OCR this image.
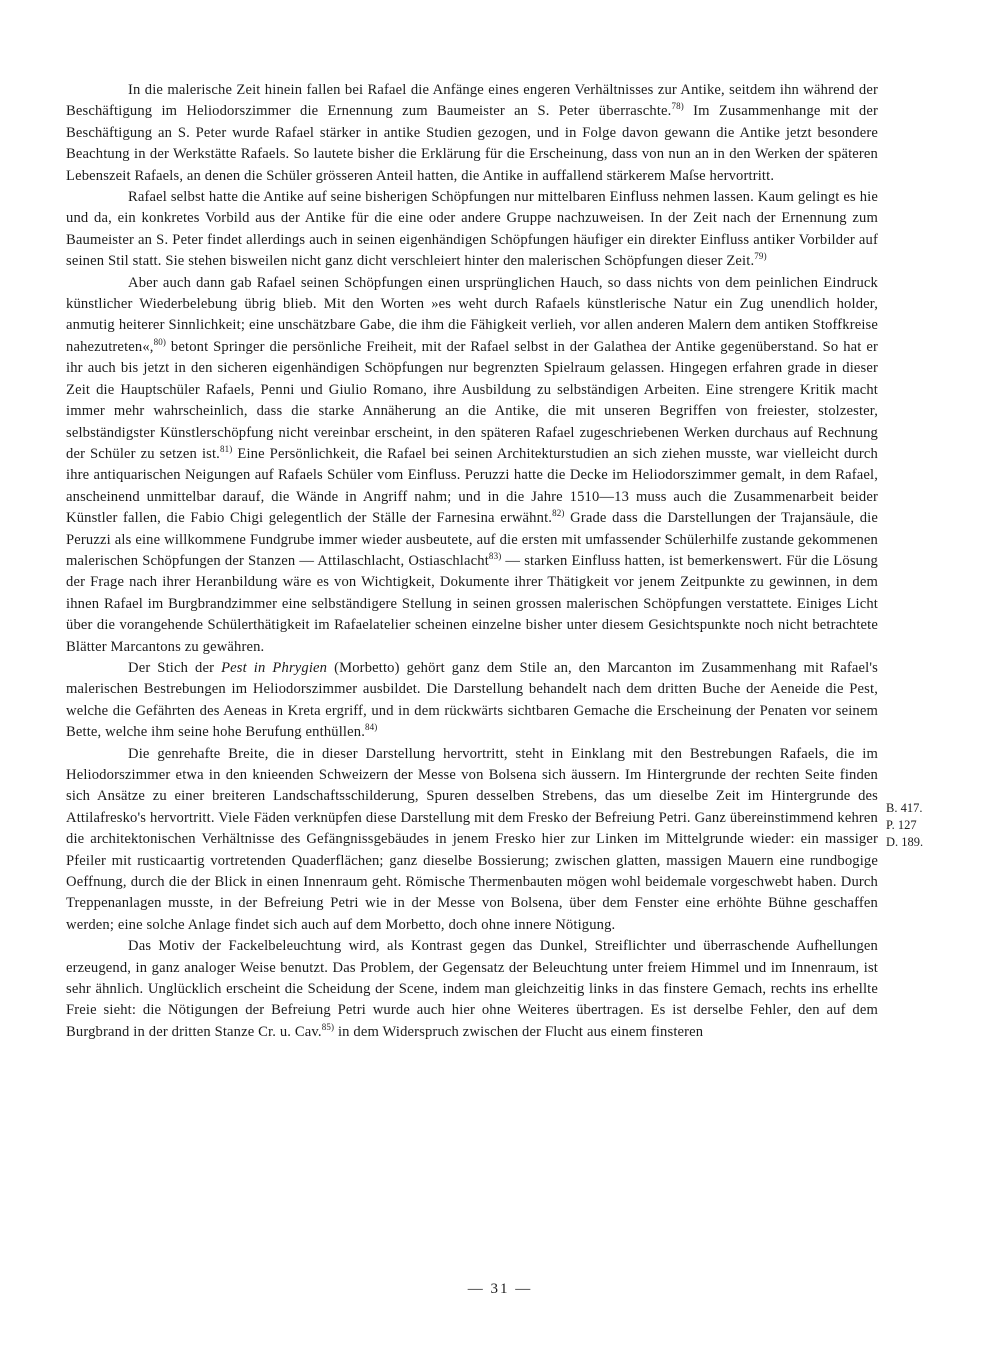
In die malerische Zeit hinein fallen bei Rafael die Anfänge eines engeren Verhältnisses zur Antike, seitdem ihn während der Beschäftigung im Heliodorszimmer die Ernennung zum Baumeister an S. Peter überraschte.$^{78)}$ Im Zusammenhange mit der Beschäftigung an S. Peter wurde Rafael stärker in antike Studien gezogen, und in Folge davon gewann die Antike jetzt besondere Beachtung in der Werkstätte Rafaels. So lautete bisher die Erklärung für die Erscheinung, dass von nun an in den Werken der späteren Lebenszeit Rafaels, an denen die Schüler grösseren Anteil hatten, die Antike in auffallend stärkerem Maſse hervortritt.

Rafael selbst hatte die Antike auf seine bisherigen Schöpfungen nur mittelbaren Einfluss nehmen lassen. Kaum gelingt es hie und da, ein konkretes Vorbild aus der Antike für die eine oder andere Gruppe nachzuweisen. In der Zeit nach der Ernennung zum Baumeister an S. Peter findet allerdings auch in seinen eigenhändigen Schöpfungen häufiger ein direkter Einfluss antiker Vorbilder auf seinen Stil statt. Sie stehen bisweilen nicht ganz dicht verschleiert hinter den malerischen Schöpfungen dieser Zeit.$^{79)}$

Aber auch dann gab Rafael seinen Schöpfungen einen ursprünglichen Hauch, so dass nichts von dem peinlichen Eindruck künstlicher Wiederbelebung übrig blieb. Mit den Worten »es weht durch Rafaels künstlerische Natur ein Zug unendlich holder, anmutig heiterer Sinnlichkeit; eine unschätzbare Gabe, die ihm die Fähigkeit verlieh, vor allen anderen Malern dem antiken Stoffkreise nahezutreten«,$^{80)}$ betont Springer die persönliche Freiheit, mit der Rafael selbst in der Galathea der Antike gegenüberstand. So hat er ihr auch bis jetzt in den sicheren eigenhändigen Schöpfungen nur begrenzten Spielraum gelassen. Hingegen erfahren grade in dieser Zeit die Hauptschüler Rafaels, Penni und Giulio Romano, ihre Ausbildung zu selbständigen Arbeiten. Eine strengere Kritik macht immer mehr wahrscheinlich, dass die starke Annäherung an die Antike, die mit unseren Begriffen von freiester, stolzester, selbständigster Künstlerschöpfung nicht vereinbar erscheint, in den späteren Rafael zugeschriebenen Werken durchaus auf Rechnung der Schüler zu setzen ist.$^{81)}$ Eine Persönlichkeit, die Rafael bei seinen Architekturstudien an sich ziehen musste, war vielleicht durch ihre antiquarischen Neigungen auf Rafaels Schüler vom Einfluss. Peruzzi hatte die Decke im Heliodorszimmer gemalt, in dem Rafael, anscheinend unmittelbar darauf, die Wände in Angriff nahm; und in die Jahre 1510—13 muss auch die Zusammenarbeit beider Künstler fallen, die Fabio Chigi gelegentlich der Ställe der Farnesina erwähnt.$^{82)}$ Grade dass die Darstellungen der Trajansäule, die Peruzzi als eine willkommene Fundgrube immer wieder ausbeutete, auf die ersten mit umfassender Schülerhilfe zustande gekommenen malerischen Schöpfungen der Stanzen — Attilaschlacht, Ostiaschlacht$^{83)}$ — starken Einfluss hatten, ist bemerkenswert. Für die Lösung der Frage nach ihrer Heranbildung wäre es von Wichtigkeit, Dokumente ihrer Thätigkeit vor jenem Zeitpunkte zu gewinnen, in dem ihnen Rafael im Burgbrandzimmer eine selbständigere Stellung in seinen grossen malerischen Schöpfungen verstattete. Einiges Licht über die vorangehende Schülerthätigkeit im Rafaelatelier scheinen einzelne bisher unter diesem Gesichtspunkte noch nicht betrachtete Blätter Marcantons zu gewähren.

Der Stich der Pest in Phrygien (Morbetto) gehört ganz dem Stile an, den Marcanton im Zusammenhang mit Rafael's malerischen Bestrebungen im Heliodorszimmer ausbildet. Die Darstellung behandelt nach dem dritten Buche der Aeneide die Pest, welche die Gefährten des Aeneas in Kreta ergriff, und in dem rückwärts sichtbaren Gemache die Erscheinung der Penaten vor seinem Bette, welche ihm seine hohe Berufung enthüllen.$^{84)}$

Die genrehafte Breite, die in dieser Darstellung hervortritt, steht in Einklang mit den Bestrebungen Rafaels, die im Heliodorszimmer etwa in den knieenden Schweizern der Messe von Bolsena sich äussern. Im Hintergrunde der rechten Seite finden sich Ansätze zu einer breiteren Landschaftsschilderung, Spuren desselben Strebens, das um dieselbe Zeit im Hintergrunde des Attilafresko's hervortritt. Viele Fäden verknüpfen diese Darstellung mit dem Fresko der Befreiung Petri. Ganz übereinstimmend kehren die architektonischen Verhältnisse des Gefängnissgebäudes in jenem Fresko hier zur Linken im Mittelgrunde wieder: ein massiger Pfeiler mit rusticaartig vortretenden Quaderflächen; ganz dieselbe Bossierung; zwischen glatten, massigen Mauern eine rundbogige Oeffnung, durch die der Blick in einen Innenraum geht. Römische Thermenbauten mögen wohl beidemale vorgeschwebt haben. Durch Treppenanlagen musste, in der Befreiung Petri wie in der Messe von Bolsena, über dem Fenster eine erhöhte Bühne geschaffen werden; eine solche Anlage findet sich auch auf dem Morbetto, doch ohne innere Nötigung.

Das Motiv der Fackelbeleuchtung wird, als Kontrast gegen das Dunkel, Streiflichter und überraschende Aufhellungen erzeugend, in ganz analoger Weise benutzt. Das Problem, der Gegensatz der Beleuchtung unter freiem Himmel und im Innenraum, ist sehr ähnlich. Unglücklich erscheint die Scheidung der Scene, indem man gleichzeitig links in das finstere Gemach, rechts ins erhellte Freie sieht: die Nötigungen der Befreiung Petri wurde auch hier ohne Weiteres übertragen. Es ist derselbe Fehler, den auf dem Burgbrand in der dritten Stanze Cr. u. Cav.$^{85)}$ in dem Widerspruch zwischen der Flucht aus einem finsteren

B. 417.
P. 127
D. 189.
— 31 —
